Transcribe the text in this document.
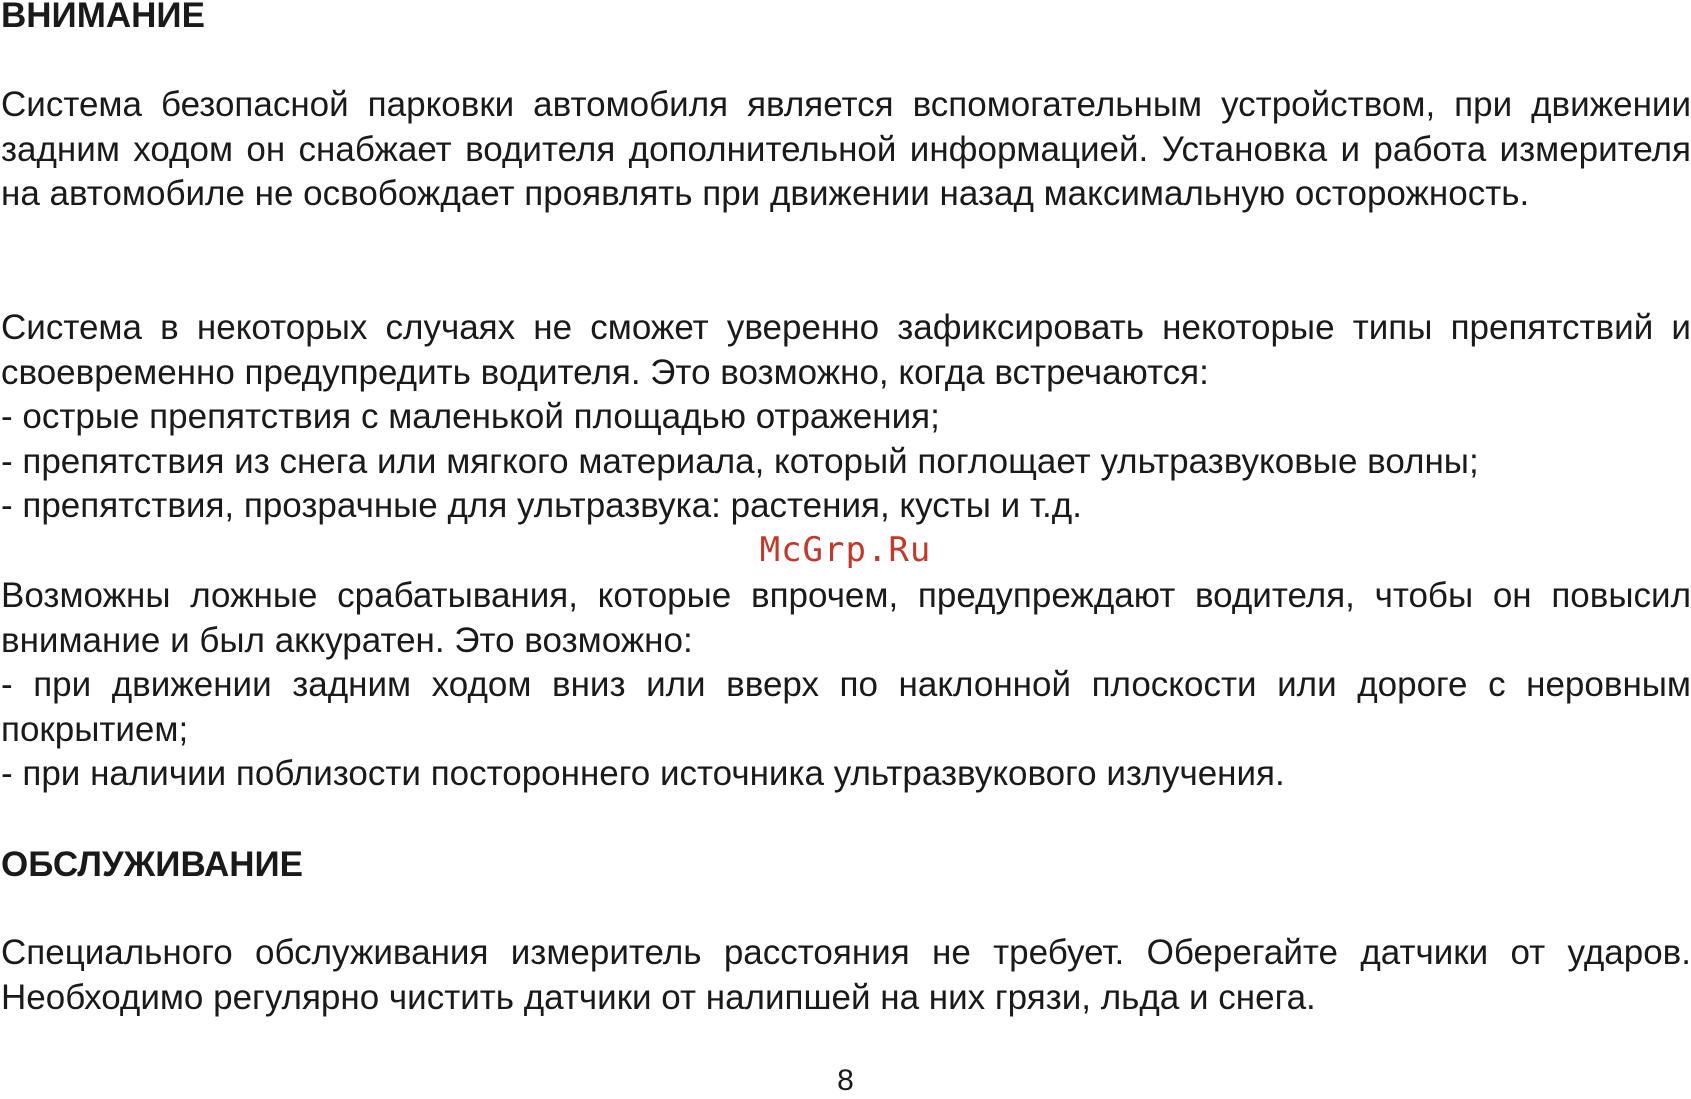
ВНИМАНИЕ

Система безопасной парковки автомобиля является вспомогательным устройством, при движении задним ходом он снабжает водителя дополнительной информацией. Установка и работа измерителя на автомобиле не освобождает проявлять при движении назад максимальную осторожность.

Система в некоторых случаях не сможет уверенно зафиксировать некоторые типы препятствий и своевременно предупредить водителя. Это возможно, когда встречаются:

- острые препятствия с маленькой площадью отражения;

- препятствия из снега или мягкого материала, который поглощает ультразвуковые волны;

- препятствия, прозрачные для ультразвука: растения, кусты и т.д.

Возможны ложные срабатывания, которые впрочем, предупреждают водителя, чтобы он повысил внимание и был аккуратен. Это возможно:

- при движении задним ходом вниз или вверх по наклонной плоскости или дороге с неровным покрытием;

- при наличии поблизости постороннего источника ультразвукового излучения.

ОБСЛУЖИВАНИЕ

Специального обслуживания измеритель расстояния не требует. Оберегайте датчики от ударов. Необходимо регулярно чистить датчики от налипшей на них грязи, льда и снега.

McGrp.Ru
8
